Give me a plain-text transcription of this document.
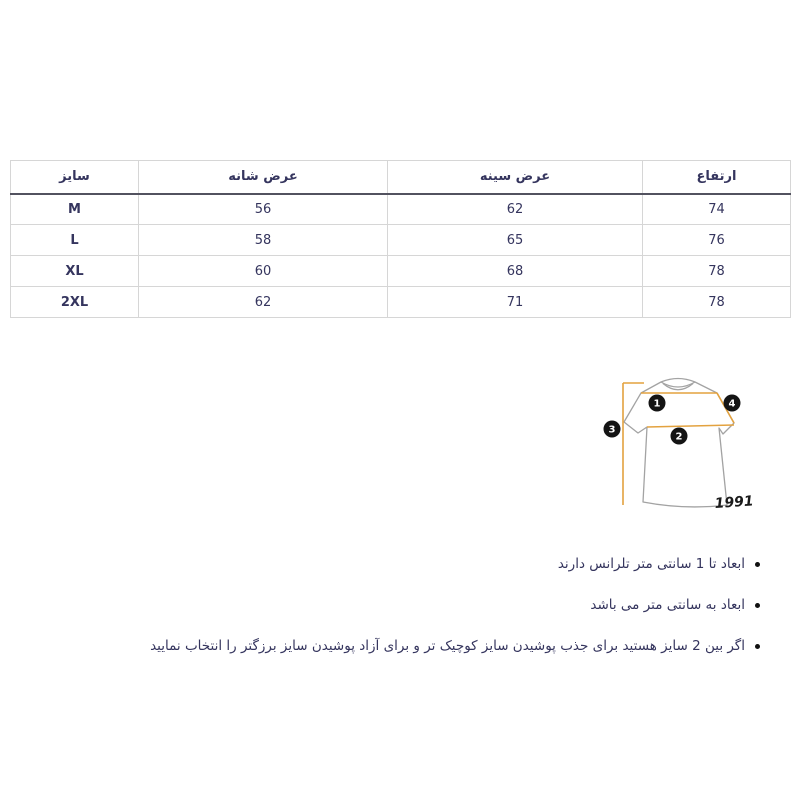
سایز	عرض شانه	عرض سینه	ارتفاع
M	56	62	74
L	58	65	76
XL	60	68	78
2XL	62	71	78
1
2
3
4
1991
ابعاد تا 1 سانتی متر تلرانس دارند
ابعاد به سانتی متر می باشد
اگر بین 2 سایز هستید برای جذب پوشیدن سایز کوچیک تر و برای آزاد پوشیدن سایز برزگتر را انتخاب نمایید
